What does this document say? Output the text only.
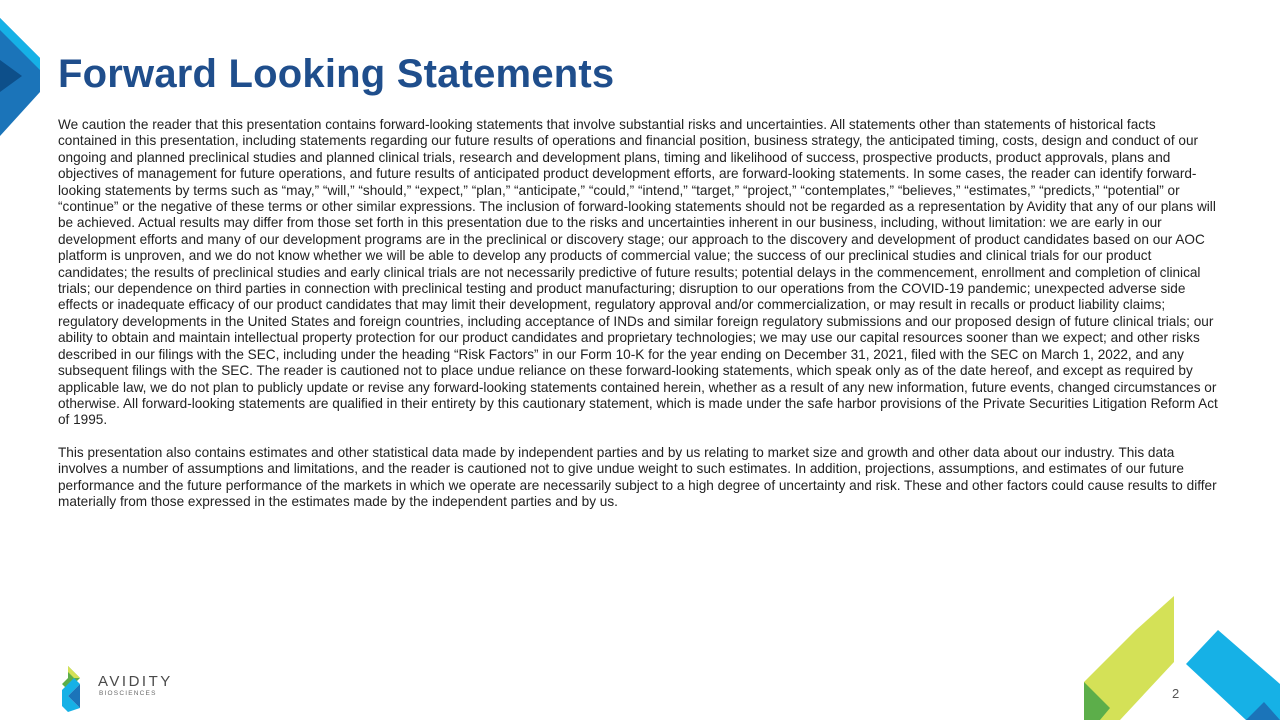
Forward Looking Statements

We caution the reader that this presentation contains forward-looking statements that involve substantial risks and uncertainties. All statements other than statements of historical facts contained in this presentation, including statements regarding our future results of operations and financial position, business strategy, the anticipated timing, costs, design and conduct of our ongoing and planned preclinical studies and planned clinical trials, research and development plans, timing and likelihood of success, prospective products, product approvals, plans and objectives of management for future operations, and future results of anticipated product development efforts, are forward-looking statements. In some cases, the reader can identify forward-looking statements by terms such as “may,” “will,” “should,” “expect,” “plan,” “anticipate,” “could,” “intend,” “target,” “project,” “contemplates,” “believes,” “estimates,” “predicts,” “potential” or “continue” or the negative of these terms or other similar expressions. The inclusion of forward-looking statements should not be regarded as a representation by Avidity that any of our plans will be achieved. Actual results may differ from those set forth in this presentation due to the risks and uncertainties inherent in our business, including, without limitation: we are early in our development efforts and many of our development programs are in the preclinical or discovery stage; our approach to the discovery and development of product candidates based on our AOC platform is unproven, and we do not know whether we will be able to develop any products of commercial value; the success of our preclinical studies and clinical trials for our product candidates; the results of preclinical studies and early clinical trials are not necessarily predictive of future results; potential delays in the commencement, enrollment and completion of clinical trials; our dependence on third parties in connection with preclinical testing and product manufacturing; disruption to our operations from the COVID-19 pandemic; unexpected adverse side effects or inadequate efficacy of our product candidates that may limit their development, regulatory approval and/or commercialization, or may result in recalls or product liability claims; regulatory developments in the United States and foreign countries, including acceptance of INDs and similar foreign regulatory submissions and our proposed design of future clinical trials; our ability to obtain and maintain intellectual property protection for our product candidates and proprietary technologies; we may use our capital resources sooner than we expect; and other risks described in our filings with the SEC, including under the heading “Risk Factors” in our Form 10-K for the year ending on December 31, 2021, filed with the SEC on March 1, 2022, and any subsequent filings with the SEC. The reader is cautioned not to place undue reliance on these forward-looking statements, which speak only as of the date hereof, and except as required by applicable law, we do not plan to publicly update or revise any forward-looking statements contained herein, whether as a result of any new information, future events, changed circumstances or otherwise. All forward-looking statements are qualified in their entirety by this cautionary statement, which is made under the safe harbor provisions of the Private Securities Litigation Reform Act of 1995.

This presentation also contains estimates and other statistical data made by independent parties and by us relating to market size and growth and other data about our industry. This data involves a number of assumptions and limitations, and the reader is cautioned not to give undue weight to such estimates. In addition, projections, assumptions, and estimates of our future performance and the future performance of the markets in which we operate are necessarily subject to a high degree of uncertainty and risk. These and other factors could cause results to differ materially from those expressed in the estimates made by the independent parties and by us.

AVIDITY
BIOSCIENCES	2
